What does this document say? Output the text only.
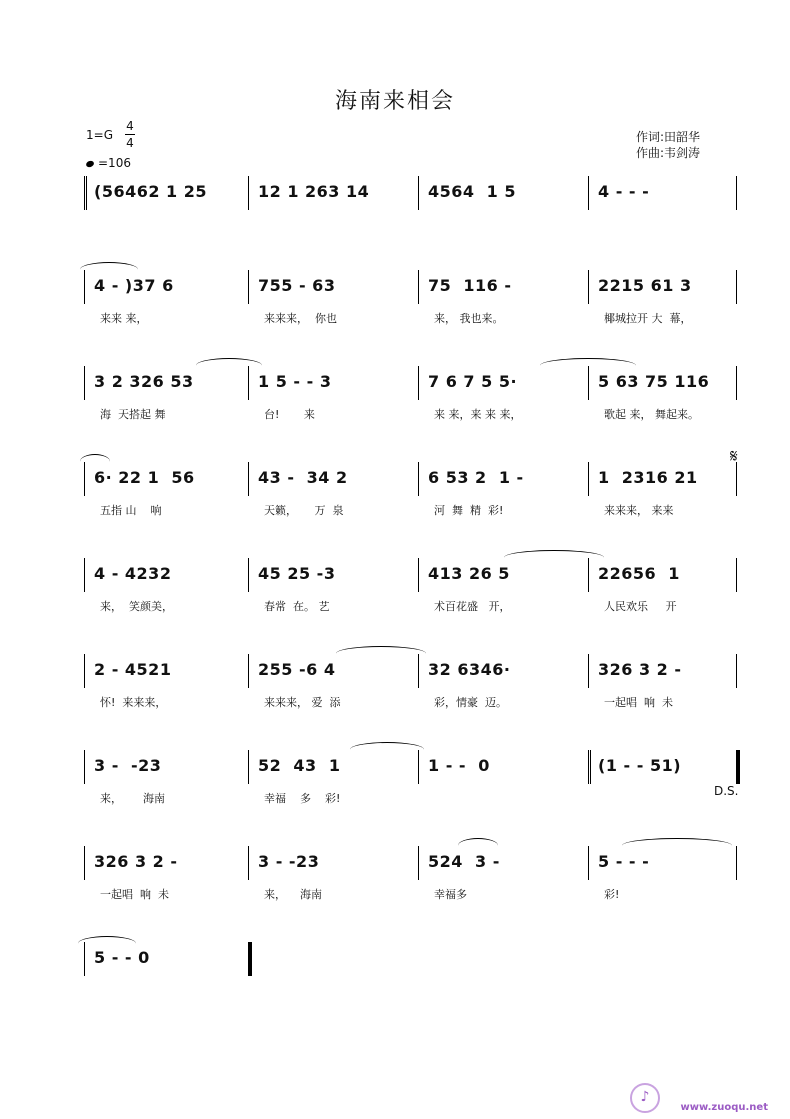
海南来相会
1=G
4
4
=106
作词:田韶华
作曲:韦剑涛
(56462 1 25	12 1 263 14	4564  1 5	4 - - -
4 - )37 6
来来 来，
755 - 63
来来来，  你也
75  116 -
来， 我也来。
2215 61 3
椰城拉开 大  幕，
3 2 326 53
海  天搭起 舞
1 5 - - 3
台!       来
7 6 7 5 5·
来 来，来 来 来，
5 63 75 116
歌起 来， 舞起来。
6· 22 1  56
五指 山    响
43 -  34 2
天籁，     万  泉
6 53 2  1 -
河  舞  精  彩!
1  2316 21
来来来， 来来
𝄋
4 - 4232
来，  笑颜美，
45 25 -3
春常  在。 艺
413 26 5
术百花盛   开，
22656  1
人民欢乐     开
2 - 4521
怀!  来来来，
255 -6 4
来来来， 爱  添
32 6346·
彩，情豪  迈。
326 3 2 -
一起唱  响  未
3 -  -23
来，      海南
52  43  1
幸福    多    彩!
1 - -  0	(1 - - 51)
D.S.
326 3 2 -
一起唱  响  未
3 - -23
来，    海南
524  3 -
幸福多
5 - - -
彩!
5 - - 0
♪
www.zuoqu.net
